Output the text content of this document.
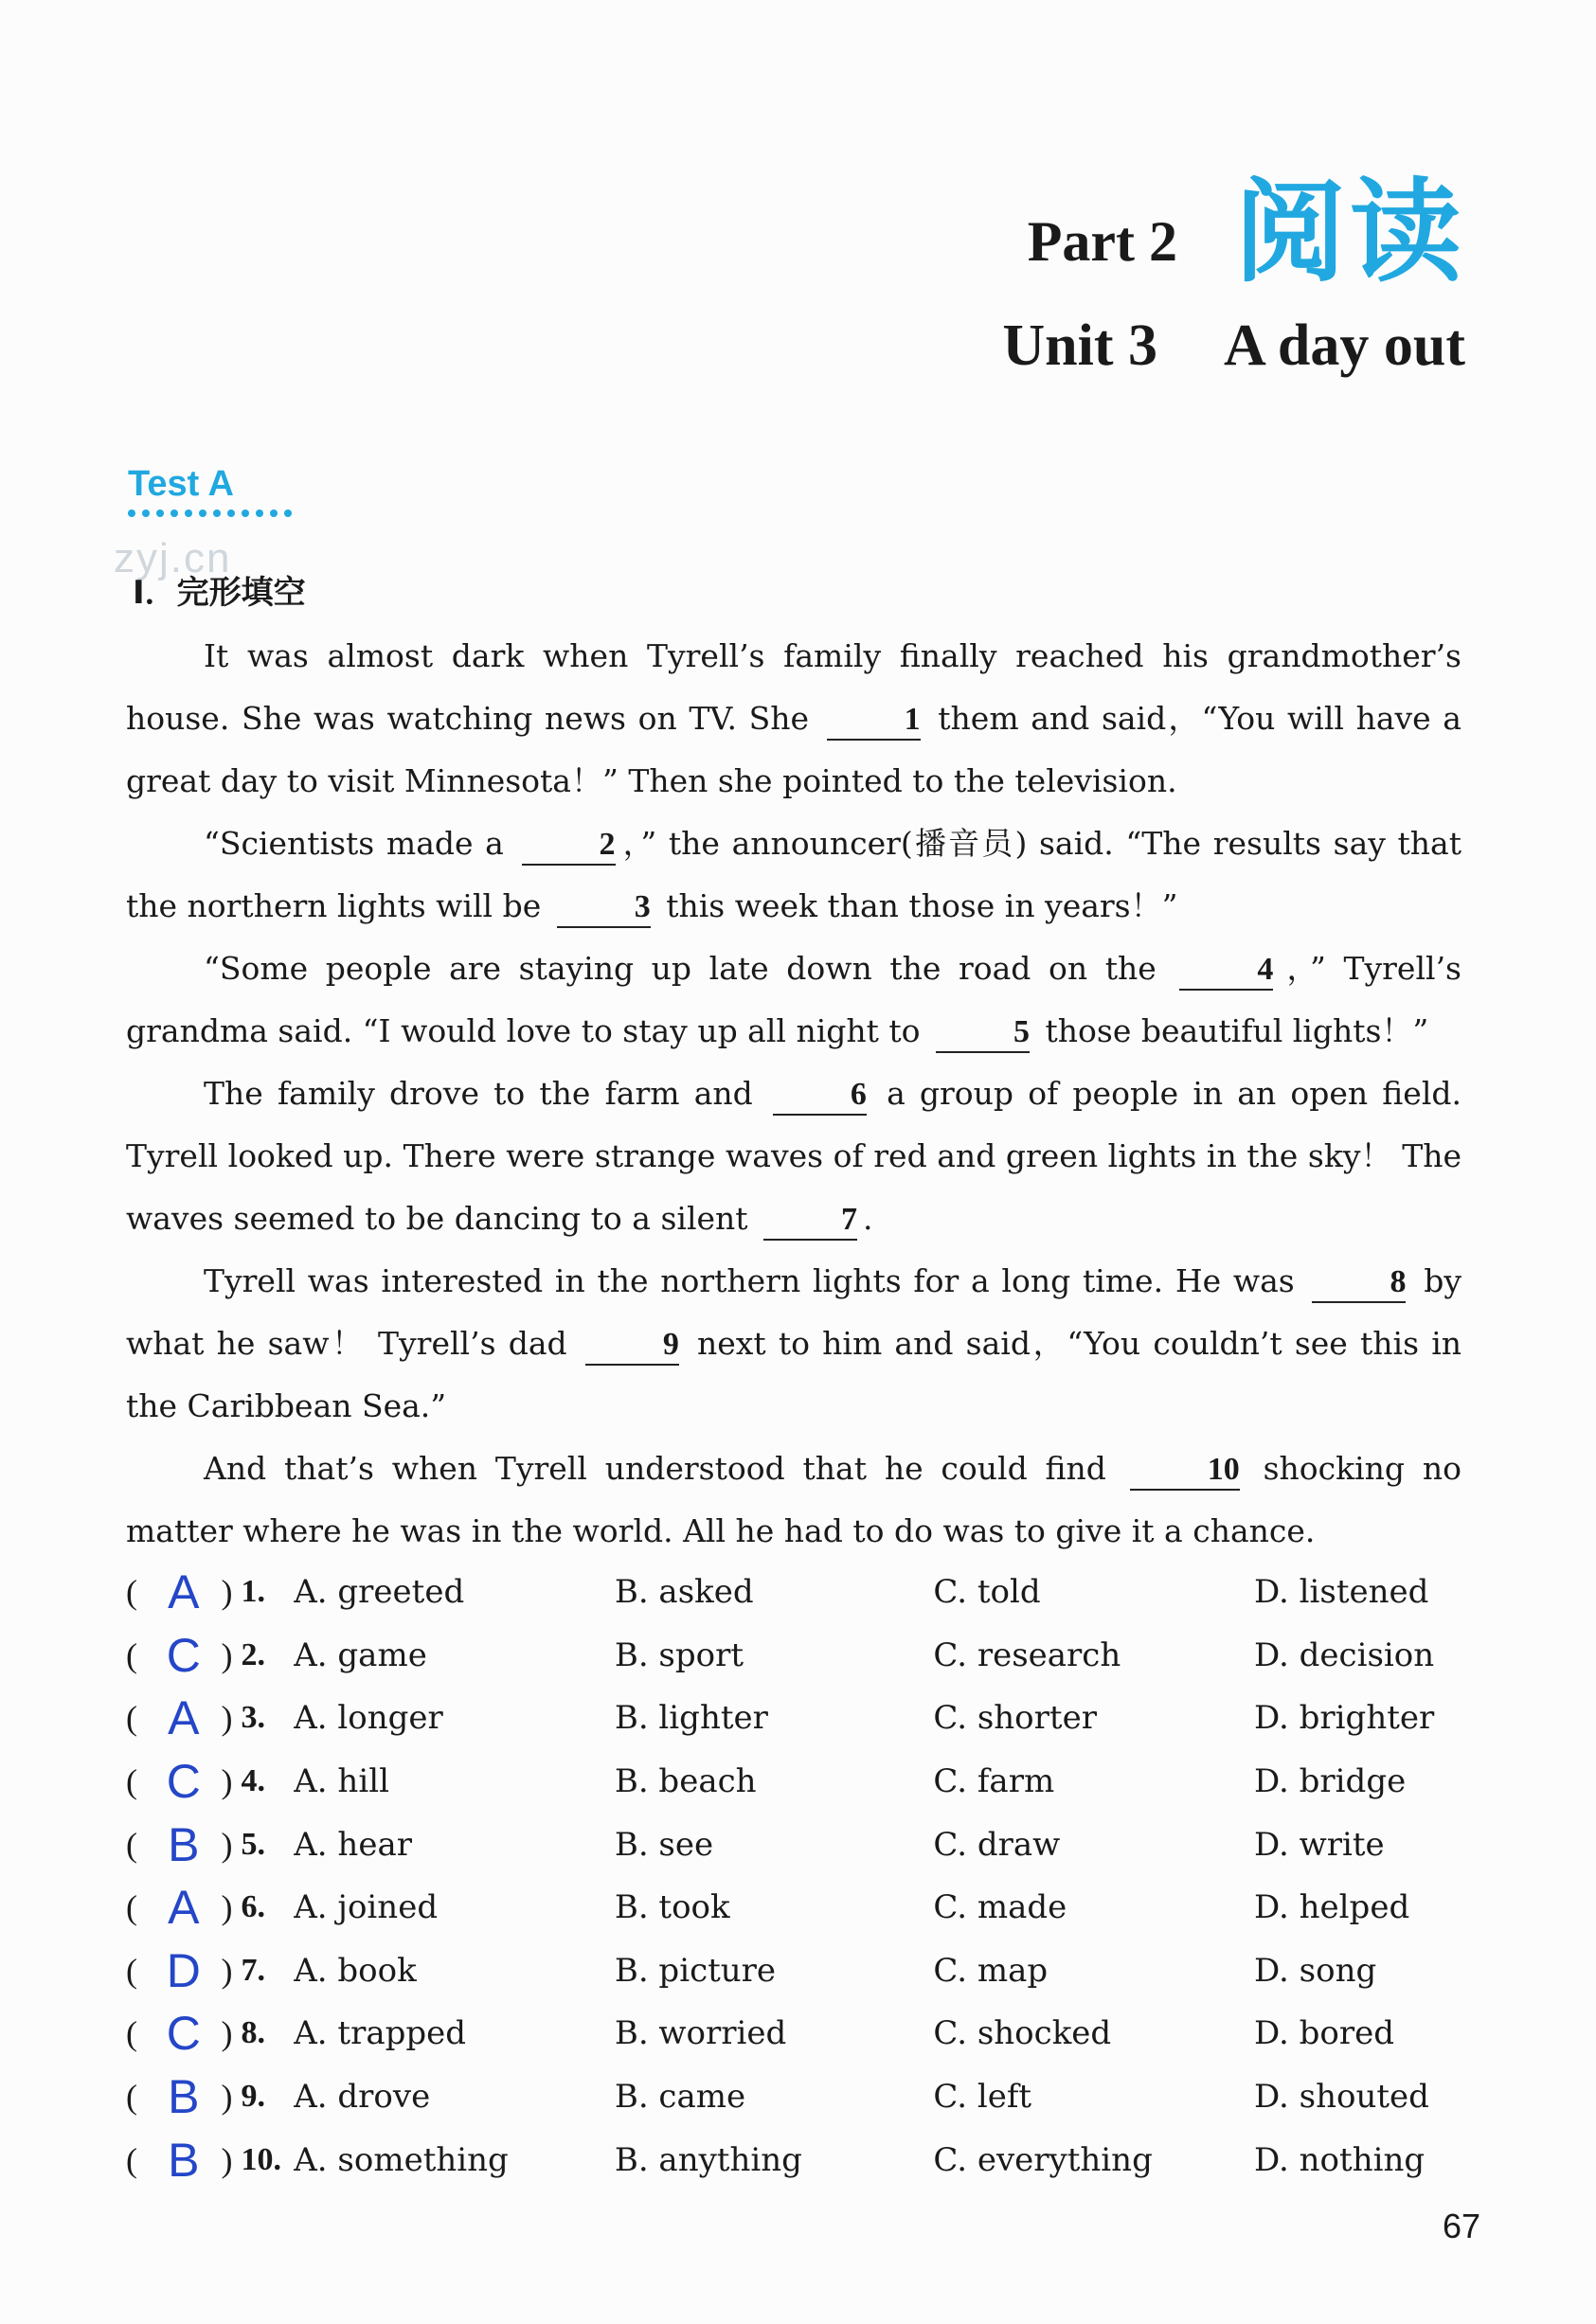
Part 2 阅读
Unit 3 A day out
Test A
zyj.cn
I．完形填空

It was almost dark when Tyrell’s family finally reached his grandmother’s house. She was watching news on TV. She	1 them and said，“You will have a great day to visit Minnesota！” Then she pointed to the television.

“Scientists made a	2 ，” the announcer(播音员) said. “The results say that the northern lights will be	3 this week than those in years！”

“Some people are staying up late down the road on the	4 ，” Tyrell’s grandma said. “I would love to stay up all night to	5 those beautiful lights！”

The family drove to the farm and	6 a group of people in an open field. Tyrell looked up. There were strange waves of red and green lights in the sky！ The waves seemed to be dancing to a silent	7 .

Tyrell was interested in the northern lights for a long time. He was	8 by what he saw！ Tyrell’s dad	9 next to him and said，“You couldn’t see this in the Caribbean Sea.”

And that’s when Tyrell understood that he could find	10 shocking no matter where he was in the world. All he had to do was to give it a chance.

( A ) 1. A. greeted	B. asked	C. told	D. listened
( C ) 2. A. game	B. sport	C. research	D. decision
( A ) 3. A. longer	B. lighter	C. shorter	D. brighter
( C ) 4. A. hill	B. beach	C. farm	D. bridge
( B ) 5. A. hear	B. see	C. draw	D. write
( A ) 6. A. joined	B. took	C. made	D. helped
( D ) 7. A. book	B. picture	C. map	D. song
( C ) 8. A. trapped	B. worried	C. shocked	D. bored
( B ) 9. A. drove	B. came	C. left	D. shouted
( B ) 10. A. something	B. anything	C. everything	D. nothing
67
